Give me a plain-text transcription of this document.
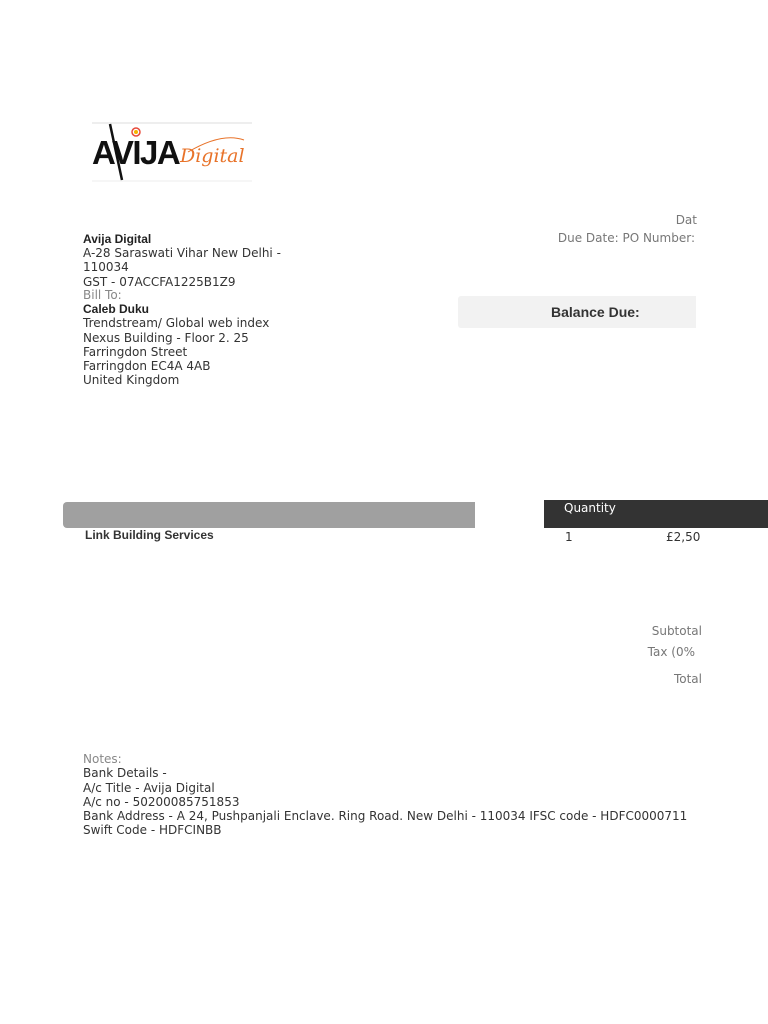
AVIJA Digital
Avija Digital
A-28 Saraswati Vihar New Delhi - 110034
GST - 07ACCFA1225B1Z9
Bill To:
Caleb Duku
Trendstream/ Global web index
Nexus Building - Floor 2. 25
Farringdon Street
Farringdon EC4A 4AB
United Kingdom
Dat
Due Date: PO Number:
Balance Due:
Quantity
Link Building Services	1	£2,50
Subtotal
Tax (0%
Total
Notes:
Bank Details -
A/c Title - Avija Digital
A/c no - 50200085751853
Bank Address - A 24, Pushpanjali Enclave. Ring Road. New Delhi - 110034 IFSC code - HDFC0000711
Swift Code - HDFCINBB
